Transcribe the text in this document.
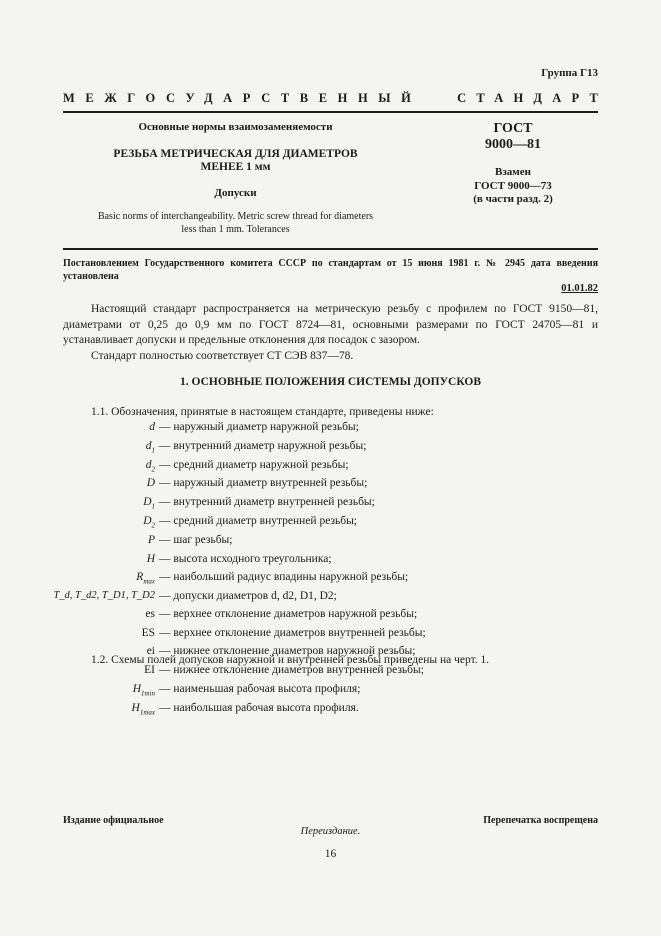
Группа Г13
МЕЖГОСУДАРСТВЕННЫЙ	СТАНДАРТ
Основные нормы взаимозаменяемости
РЕЗЬБА МЕТРИЧЕСКАЯ ДЛЯ ДИАМЕТРОВ
МЕНЕЕ 1 мм
Допуски
Basic norms of interchangeability. Metric screw thread for diameters
less than 1 mm. Tolerances
ГОСТ
9000—81
Взамен
ГОСТ 9000—73
(в части разд. 2)
Постановлением Государственного комитета СССР по стандартам от 15 июня 1981 г. № 2945 дата введения установлена
01.01.82

Настоящий стандарт распространяется на метрическую резьбу с профилем по ГОСТ 9150—81, диаметрами от 0,25 до 0,9 мм по ГОСТ 8724—81, основными размерами по ГОСТ 24705—81 и устанавливает допуски и предельные отклонения для посадок с зазором.

Стандарт полностью соответствует СТ СЭВ 837—78.

1. ОСНОВНЫЕ ПОЛОЖЕНИЯ СИСТЕМЫ ДОПУСКОВ
1.1. Обозначения, принятые в настоящем стандарте, приведены ниже:
d — наружный диаметр наружной резьбы;
$d_1$ — внутренний диаметр наружной резьбы;
$d_2$ — средний диаметр наружной резьбы;
D — наружный диаметр внутренней резьбы;
$D_1$ — внутренний диаметр внутренней резьбы;
$D_2$ — средний диаметр внутренней резьбы;
P — шаг резьбы;
H — высота исходного треугольника;
$R_{max}$ — наибольший радиус впадины наружной резьбы;
T_d, T_d2, T_D1, T_D2 — допуски диаметров d, d2, D1, D2;
es — верхнее отклонение диаметров наружной резьбы;
ES — верхнее отклонение диаметров внутренней резьбы;
ei — нижнее отклонение диаметров наружной резьбы;
EI — нижнее отклонение диаметров внутренней резьбы;
$H_{1min}$ — наименьшая рабочая высота профиля;
$H_{1max}$ — наибольшая рабочая высота профиля.
1.2. Схемы полей допусков наружной и внутренней резьбы приведены на черт. 1.
Издание официальное	Перепечатка воспрещена
Переиздание.
16
